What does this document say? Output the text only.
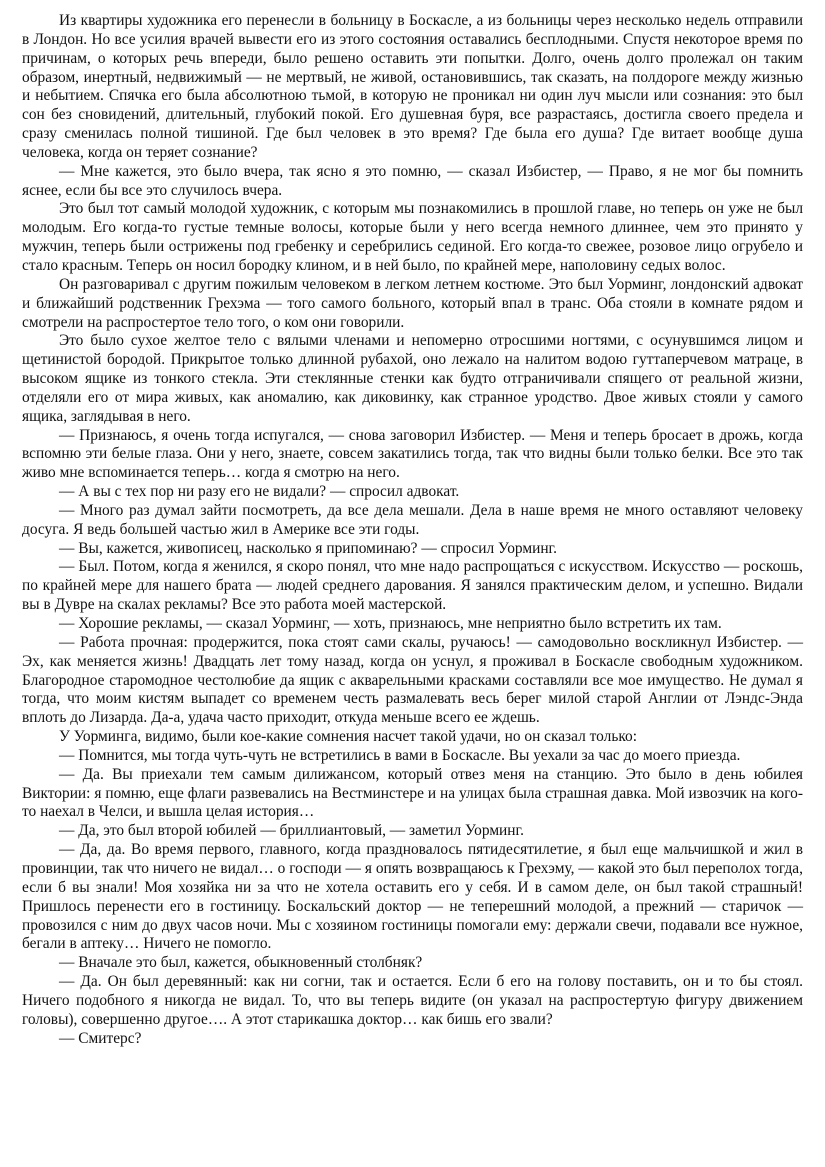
Из квартиры художника его перенесли в больницу в Боскасле, а из больницы через несколько недель отправили в Лондон. Но все усилия врачей вывести его из этого состояния оставались бесплодными. Спустя некоторое время по причинам, о которых речь впереди, было решено оставить эти попытки. Долго, очень долго пролежал он таким образом, инертный, недвижимый — не мертвый, не живой, остановившись, так сказать, на полдороге между жизнью и небытием. Спячка его была абсолютною тьмой, в которую не проникал ни один луч мысли или сознания: это был сон без сновидений, длительный, глубокий покой. Его душевная буря, все разрастаясь, достигла своего предела и сразу сменилась полной тишиной. Где был человек в это время? Где была его душа? Где витает вообще душа человека, когда он теряет сознание?

— Мне кажется, это было вчера, так ясно я это помню, — сказал Избистер, — Право, я не мог бы помнить яснее, если бы все это случилось вчера.

Это был тот самый молодой художник, с которым мы познакомились в прошлой главе, но теперь он уже не был молодым. Его когда-то густые темные волосы, которые были у него всегда немного длиннее, чем это принято у мужчин, теперь были острижены под гребенку и серебрились сединой. Его когда-то свежее, розовое лицо огрубело и стало красным. Теперь он носил бородку клином, и в ней было, по крайней мере, наполовину седых волос.

Он разговаривал с другим пожилым человеком в легком летнем костюме. Это был Уорминг, лондонский адвокат и ближайший родственник Грехэма — того самого больного, который впал в транс. Оба стояли в комнате рядом и смотрели на распростертое тело того, о ком они говорили.

Это было сухое желтое тело с вялыми членами и непомерно отросшими ногтями, с осунувшимся лицом и щетинистой бородой. Прикрытое только длинной рубахой, оно лежало на налитом водою гуттаперчевом матраце, в высоком ящике из тонкого стекла. Эти стеклянные стенки как будто отграничивали спящего от реальной жизни, отделяли его от мира живых, как аномалию, как диковинку, как странное уродство. Двое живых стояли у самого ящика, заглядывая в него.

— Признаюсь, я очень тогда испугался, — снова заговорил Избистер. — Меня и теперь бросает в дрожь, когда вспомню эти белые глаза. Они у него, знаете, совсем закатились тогда, так что видны были только белки. Все это так живо мне вспоминается теперь… когда я смотрю на него.

— А вы с тех пор ни разу его не видали? — спросил адвокат.

— Много раз думал зайти посмотреть, да все дела мешали. Дела в наше время не много оставляют человеку досуга. Я ведь большей частью жил в Америке все эти годы.

— Вы, кажется, живописец, насколько я припоминаю? — спросил Уорминг.

— Был. Потом, когда я женился, я скоро понял, что мне надо распрощаться с искусством. Искусство — роскошь, по крайней мере для нашего брата — людей среднего дарования. Я занялся практическим делом, и успешно. Видали вы в Дувре на скалах рекламы? Все это работа моей мастерской.

— Хорошие рекламы, — сказал Уорминг, — хоть, признаюсь, мне неприятно было встретить их там.

— Работа прочная: продержится, пока стоят сами скалы, ручаюсь! — самодовольно воскликнул Избистер. — Эх, как меняется жизнь! Двадцать лет тому назад, когда он уснул, я проживал в Боскасле свободным художником. Благородное старомодное честолюбие да ящик с акварельными красками составляли все мое имущество. Не думал я тогда, что моим кистям выпадет со временем честь размалевать весь берег милой старой Англии от Лэндс-Энда вплоть до Лизарда. Да-а, удача часто приходит, откуда меньше всего ее ждешь.

У Уорминга, видимо, были кое-какие сомнения насчет такой удачи, но он сказал только:

— Помнится, мы тогда чуть-чуть не встретились в вами в Боскасле. Вы уехали за час до моего приезда.

— Да. Вы приехали тем самым дилижансом, который отвез меня на станцию. Это было в день юбилея Виктории: я помню, еще флаги развевались на Вестминстере и на улицах была страшная давка. Мой извозчик на кого-то наехал в Челси, и вышла целая история…

— Да, это был второй юбилей — бриллиантовый, — заметил Уорминг.

— Да, да. Во время первого, главного, когда праздновалось пятидесятилетие, я был еще мальчишкой и жил в провинции, так что ничего не видал… о господи — я опять возвращаюсь к Грехэму, — какой это был переполох тогда, если б вы знали! Моя хозяйка ни за что не хотела оставить его у себя. И в самом деле, он был такой страшный! Пришлось перенести его в гостиницу. Боскальский доктор — не теперешний молодой, а прежний — старичок — провозился с ним до двух часов ночи. Мы с хозяином гостиницы помогали ему: держали свечи, подавали все нужное, бегали в аптеку… Ничего не помогло.

— Вначале это был, кажется, обыкновенный столбняк?

— Да. Он был деревянный: как ни согни, так и остается. Если б его на голову поставить, он и то бы стоял. Ничего подобного я никогда не видал. То, что вы теперь видите (он указал на распростертую фигуру движением головы), совершенно другое…. А этот старикашка доктор… как бишь его звали?

— Смитерс?
